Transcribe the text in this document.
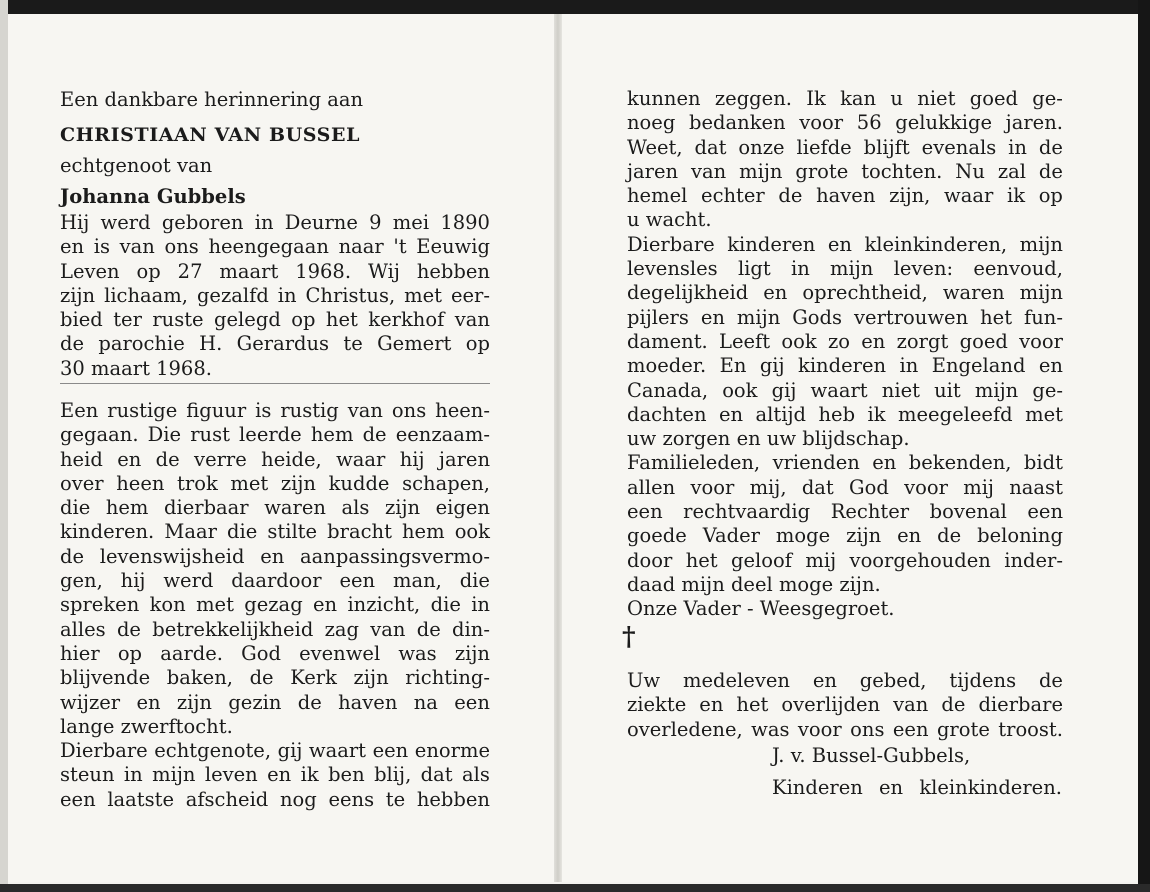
Een dankbare herinnering aan
CHRISTIAAN VAN BUSSEL
echtgenoot van
Johanna Gubbels
Hij werd geboren in Deurne 9 mei 1890
en is van ons heengegaan naar 't Eeuwig
Leven op 27 maart 1968. Wij hebben
zijn lichaam, gezalfd in Christus, met eer-
bied ter ruste gelegd op het kerkhof van
de parochie H. Gerardus te Gemert op
30 maart 1968.
Een rustige figuur is rustig van ons heen-
gegaan. Die rust leerde hem de eenzaam-
heid en de verre heide, waar hij jaren
over heen trok met zijn kudde schapen,
die hem dierbaar waren als zijn eigen
kinderen. Maar die stilte bracht hem ook
de levenswijsheid en aanpassingsvermo-
gen, hij werd daardoor een man, die
spreken kon met gezag en inzicht, die in
alles de betrekkelijkheid zag van de din-
hier op aarde. God evenwel was zijn
blijvende baken, de Kerk zijn richting-
wijzer en zijn gezin de haven na een
lange zwerftocht.
Dierbare echtgenote, gij waart een enorme
steun in mijn leven en ik ben blij, dat als
een laatste afscheid nog eens te hebben
kunnen zeggen. Ik kan u niet goed ge-
noeg bedanken voor 56 gelukkige jaren.
Weet, dat onze liefde blijft evenals in de
jaren van mijn grote tochten. Nu zal de
hemel echter de haven zijn, waar ik op
u wacht.
Dierbare kinderen en kleinkinderen, mijn
levensles ligt in mijn leven: eenvoud,
degelijkheid en oprechtheid, waren mijn
pijlers en mijn Gods vertrouwen het fun-
dament. Leeft ook zo en zorgt goed voor
moeder. En gij kinderen in Engeland en
Canada, ook gij waart niet uit mijn ge-
dachten en altijd heb ik meegeleefd met
uw zorgen en uw blijdschap.
Familieleden, vrienden en bekenden, bidt
allen voor mij, dat God voor mij naast
een rechtvaardig Rechter bovenal een
goede Vader moge zijn en de beloning
door het geloof mij voorgehouden inder-
daad mijn deel moge zijn.
Onze Vader - Weesgegroet.
†
Uw medeleven en gebed, tijdens de
ziekte en het overlijden van de dierbare
overledene, was voor ons een grote troost.
J. v. Bussel-Gubbels,
Kinderen en kleinkinderen.
